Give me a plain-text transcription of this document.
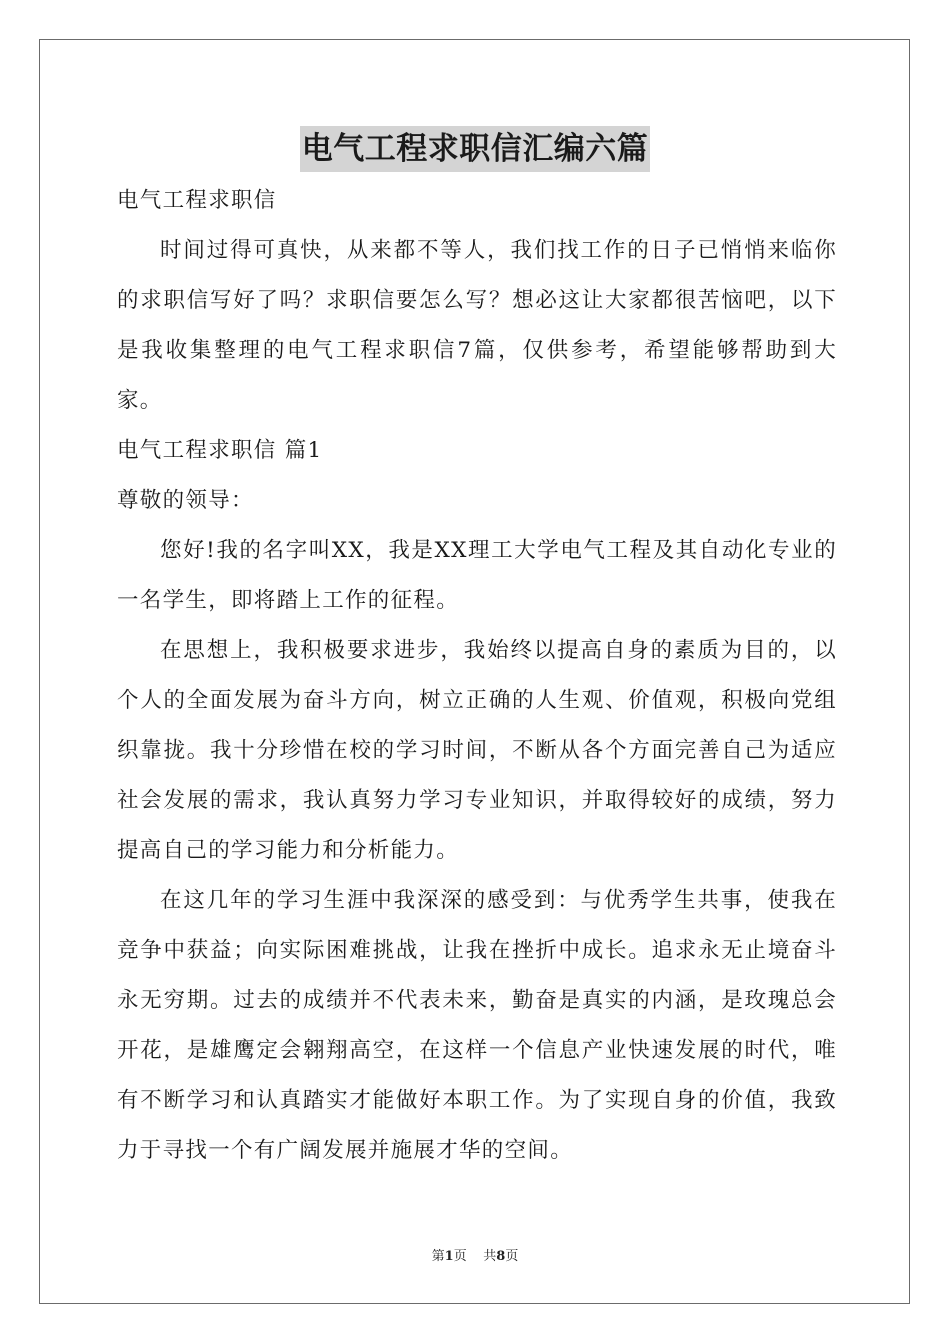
电气工程求职信汇编六篇
电气工程求职信

时间过得可真快，从来都不等人，我们找工作的日子已悄悄来临你的求职信写好了吗？求职信要怎么写？想必这让大家都很苦恼吧，以下是我收集整理的电气工程求职信7篇，仅供参考，希望能够帮助到大家。

电气工程求职信 篇1
尊敬的领导：

您好!我的名字叫XX，我是XX理工大学电气工程及其自动化专业的一名学生，即将踏上工作的征程。

在思想上，我积极要求进步，我始终以提高自身的素质为目的，以个人的全面发展为奋斗方向，树立正确的人生观、价值观，积极向党组织靠拢。我十分珍惜在校的学习时间，不断从各个方面完善自己为适应社会发展的需求，我认真努力学习专业知识，并取得较好的成绩，努力提高自己的学习能力和分析能力。

在这几年的学习生涯中我深深的感受到：与优秀学生共事，使我在竞争中获益；向实际困难挑战，让我在挫折中成长。追求永无止境奋斗永无穷期。过去的成绩并不代表未来，勤奋是真实的内涵，是玫瑰总会开花，是雄鹰定会翱翔高空，在这样一个信息产业快速发展的时代，唯有不断学习和认真踏实才能做好本职工作。为了实现自身的价值，我致力于寻找一个有广阔发展并施展才华的空间。

第1页 共8页
